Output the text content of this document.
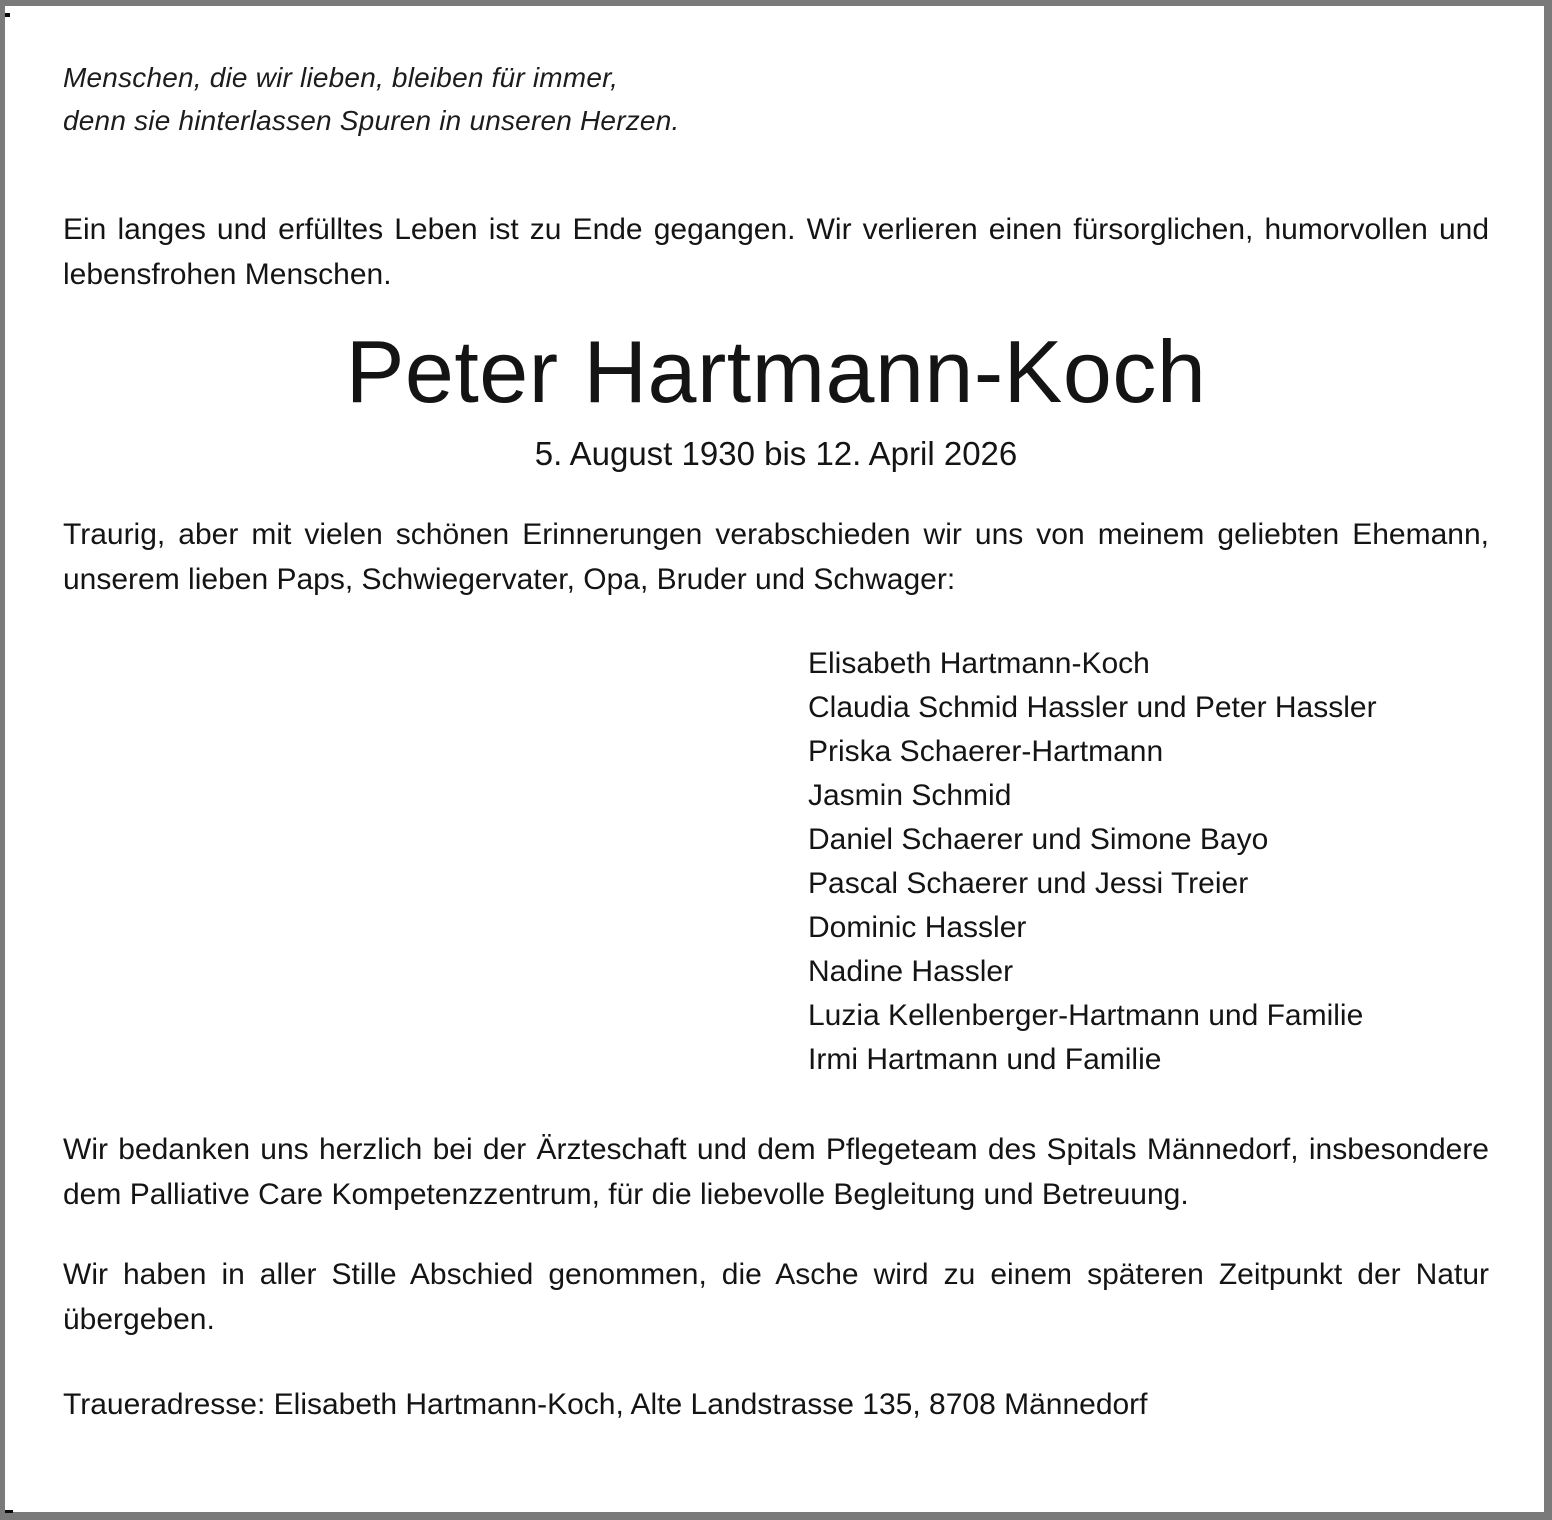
Menschen, die wir lieben, bleiben für immer,
denn sie hinterlassen Spuren in unseren Herzen.
Ein langes und erfülltes Leben ist zu Ende gegangen. Wir verlieren einen fürsorglichen, humorvollen und lebensfrohen Menschen.
Peter Hartmann-Koch
5. August 1930 bis 12. April 2026
Traurig, aber mit vielen schönen Erinnerungen verabschieden wir uns von meinem geliebten Ehemann, unserem lieben Paps, Schwiegervater, Opa, Bruder und Schwager:
Elisabeth Hartmann-Koch
Claudia Schmid Hassler und Peter Hassler
Priska Schaerer-Hartmann
Jasmin Schmid
Daniel Schaerer und Simone Bayo
Pascal Schaerer und Jessi Treier
Dominic Hassler
Nadine Hassler
Luzia Kellenberger-Hartmann und Familie
Irmi Hartmann und Familie
Wir bedanken uns herzlich bei der Ärzteschaft und dem Pflegeteam des Spitals Männedorf, insbesondere dem Palliative Care Kompetenzzentrum, für die liebevolle Begleitung und Betreuung.
Wir haben in aller Stille Abschied genommen, die Asche wird zu einem späteren Zeitpunkt der Natur übergeben.
Traueradresse: Elisabeth Hartmann-Koch, Alte Landstrasse 135, 8708 Männedorf
